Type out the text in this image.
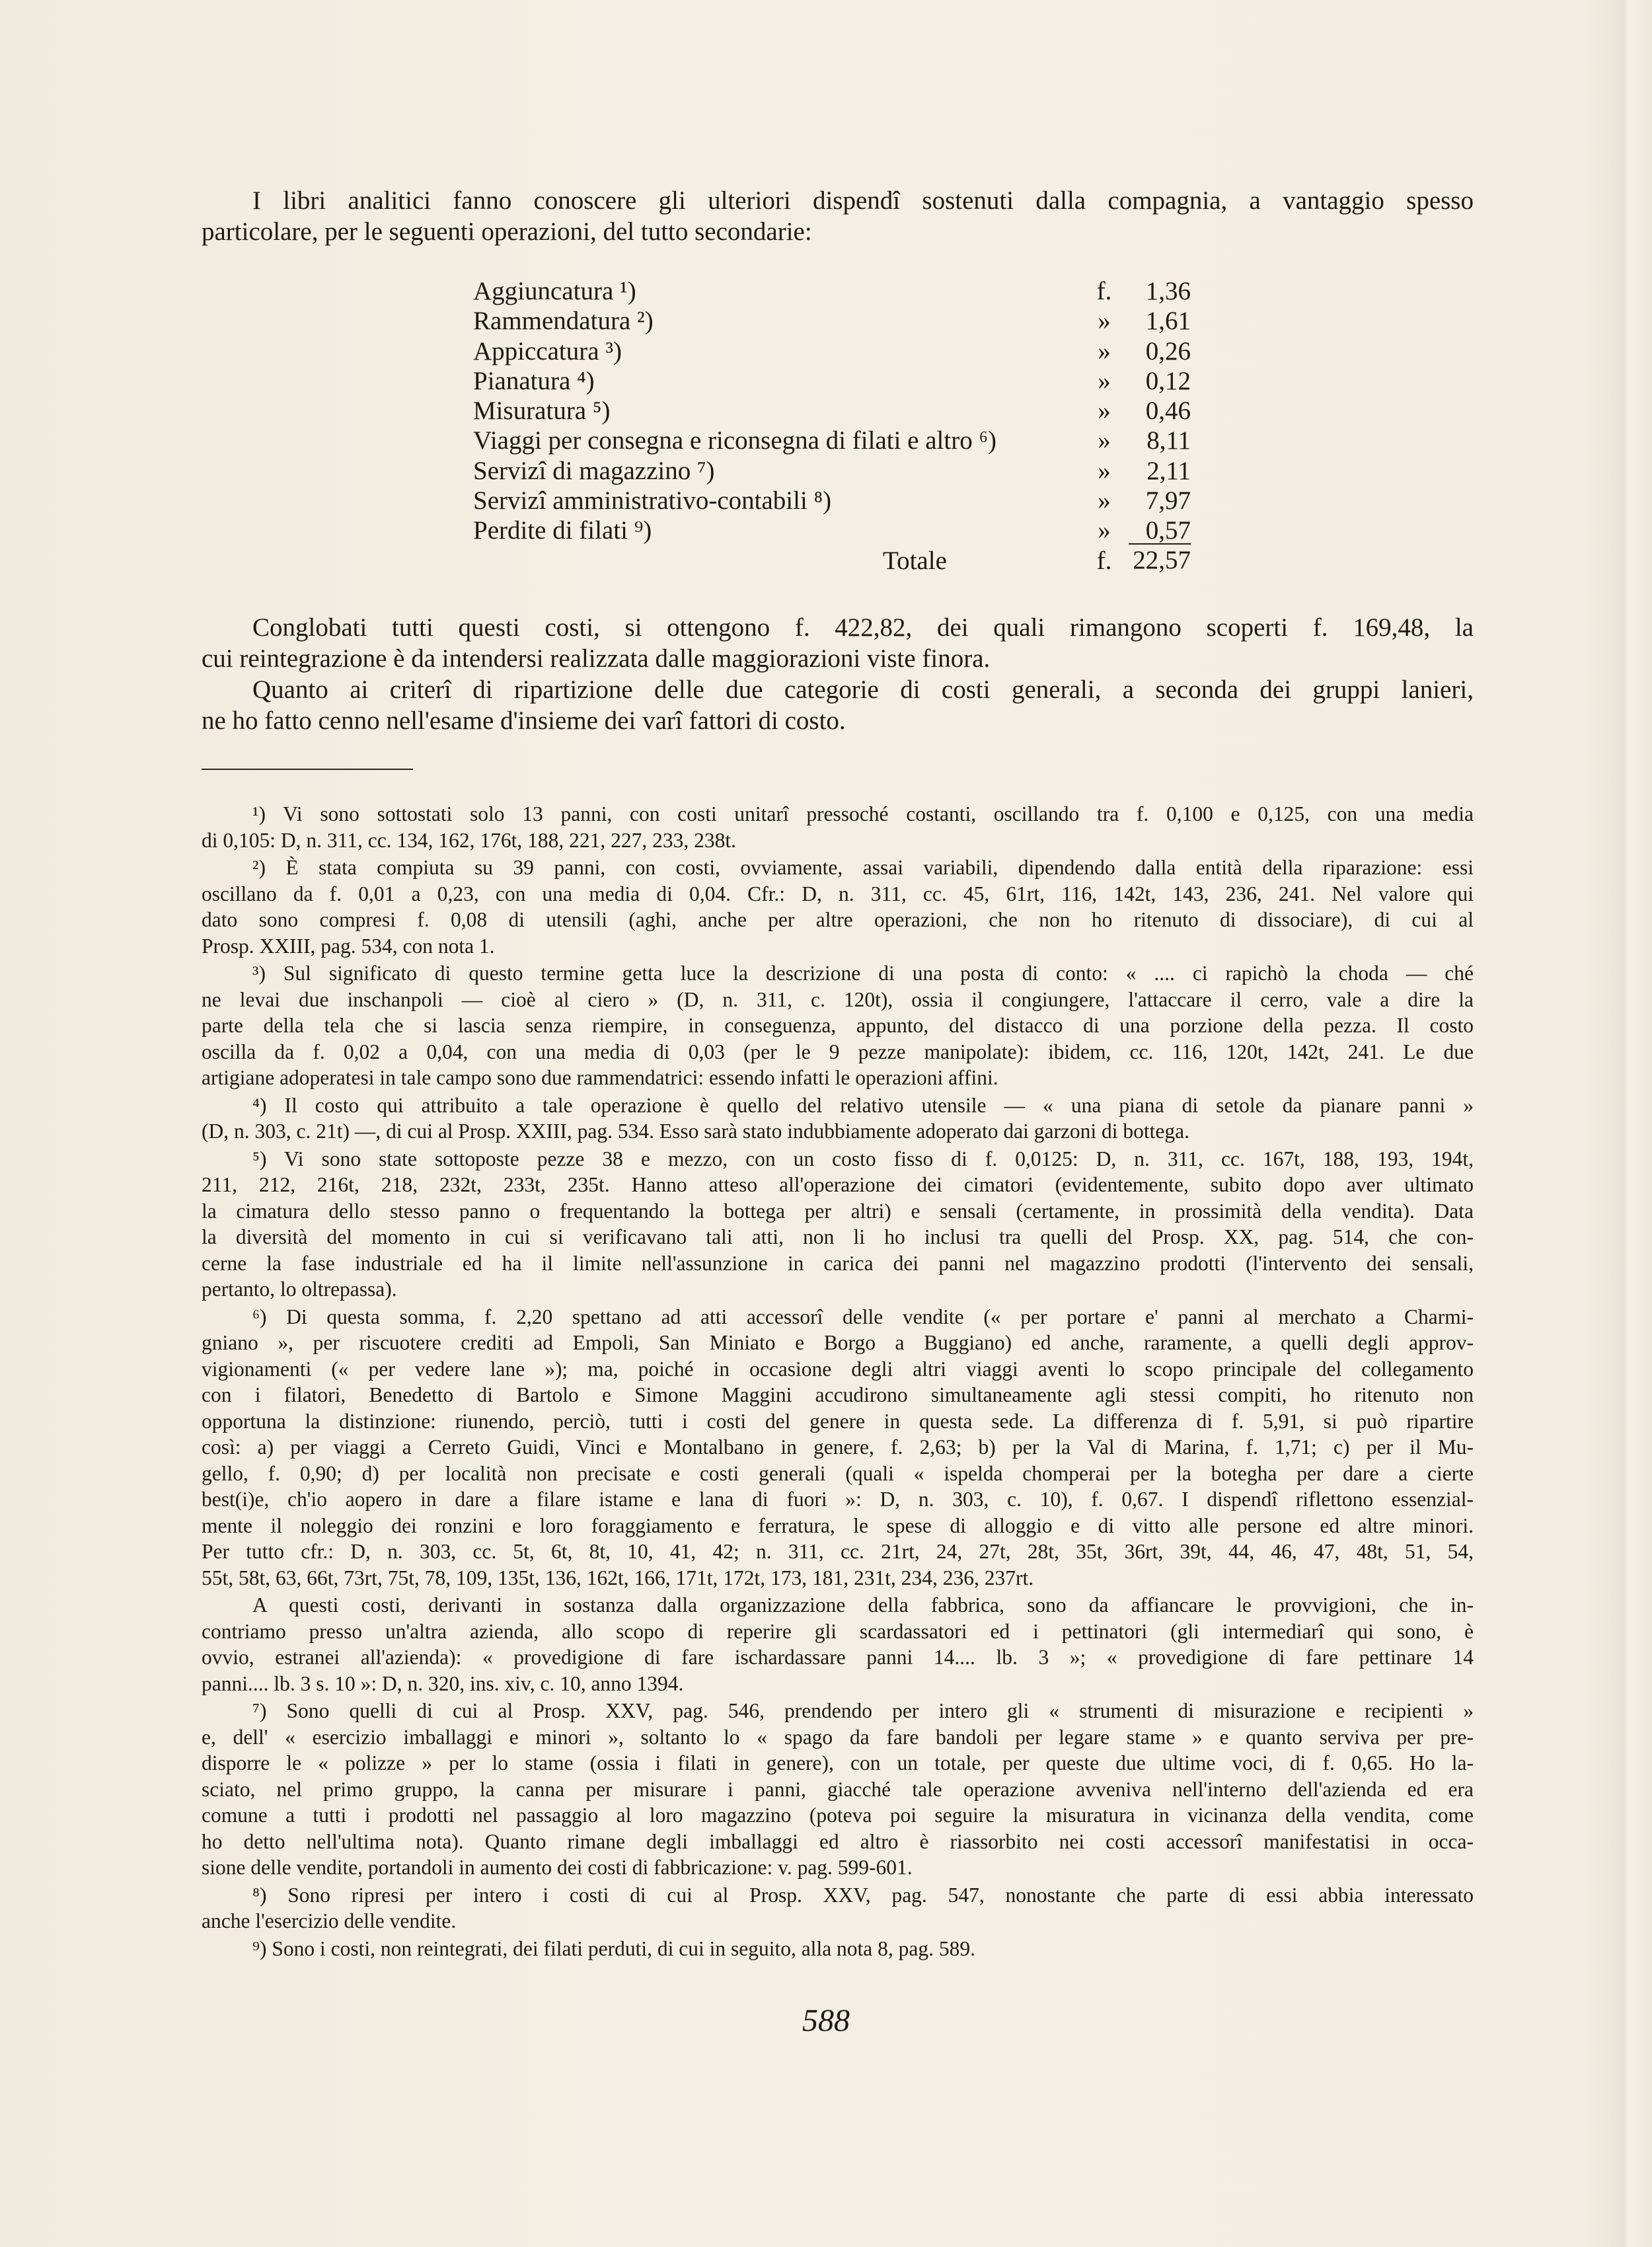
I libri analitici fanno conoscere gli ulteriori dispendî sostenuti dalla compagnia, a vantaggio spesso
particolare, per le seguenti operazioni, del tutto secondarie:
Aggiuncatura ¹)	f. 1,36
Rammendatura ²)	» 1,61
Appiccatura ³)	» 0,26
Pianatura ⁴)	» 0,12
Misuratura ⁵)	» 0,46
Viaggi per consegna e riconsegna di filati e altro ⁶)	» 8,11
Servizî di magazzino ⁷)	» 2,11
Servizî amministrativo-contabili ⁸)	» 7,97
Perdite di filati ⁹)	» 0,57
Totale	f. 22,57
Conglobati tutti questi costi, si ottengono f. 422,82, dei quali rimangono scoperti f. 169,48, la
cui reintegrazione è da intendersi realizzata dalle maggiorazioni viste finora.
Quanto ai criterî di ripartizione delle due categorie di costi generali, a seconda dei gruppi lanieri,
ne ho fatto cenno nell'esame d'insieme dei varî fattori di costo.
¹) Vi sono sottostati solo 13 panni, con costi unitarî pressoché costanti, oscillando tra f. 0,100 e 0,125, con una media
di 0,105: D, n. 311, cc. 134, 162, 176t, 188, 221, 227, 233, 238t.
²) È stata compiuta su 39 panni, con costi, ovviamente, assai variabili, dipendendo dalla entità della riparazione: essi
oscillano da f. 0,01 a 0,23, con una media di 0,04. Cfr.: D, n. 311, cc. 45, 61rt, 116, 142t, 143, 236, 241. Nel valore qui
dato sono compresi f. 0,08 di utensili (aghi, anche per altre operazioni, che non ho ritenuto di dissociare), di cui al
Prosp. XXIII, pag. 534, con nota 1.
³) Sul significato di questo termine getta luce la descrizione di una posta di conto: « .... ci rapichò la choda — ché
ne levai due inschanpoli — cioè al ciero » (D, n. 311, c. 120t), ossia il congiungere, l'attaccare il cerro, vale a dire la
parte della tela che si lascia senza riempire, in conseguenza, appunto, del distacco di una porzione della pezza. Il costo
oscilla da f. 0,02 a 0,04, con una media di 0,03 (per le 9 pezze manipolate): ibidem, cc. 116, 120t, 142t, 241. Le due
artigiane adoperatesi in tale campo sono due rammendatrici: essendo infatti le operazioni affini.
⁴) Il costo qui attribuito a tale operazione è quello del relativo utensile — « una piana di setole da pianare panni »
(D, n. 303, c. 21t) —, di cui al Prosp. XXIII, pag. 534. Esso sarà stato indubbiamente adoperato dai garzoni di bottega.
⁵) Vi sono state sottoposte pezze 38 e mezzo, con un costo fisso di f. 0,0125: D, n. 311, cc. 167t, 188, 193, 194t,
211, 212, 216t, 218, 232t, 233t, 235t. Hanno atteso all'operazione dei cimatori (evidentemente, subito dopo aver ultimato
la cimatura dello stesso panno o frequentando la bottega per altri) e sensali (certamente, in prossimità della vendita). Data
la diversità del momento in cui si verificavano tali atti, non li ho inclusi tra quelli del Prosp. XX, pag. 514, che con-
cerne la fase industriale ed ha il limite nell'assunzione in carica dei panni nel magazzino prodotti (l'intervento dei sensali,
pertanto, lo oltrepassa).
⁶) Di questa somma, f. 2,20 spettano ad atti accessorî delle vendite (« per portare e' panni al merchato a Charmi-
gniano », per riscuotere crediti ad Empoli, San Miniato e Borgo a Buggiano) ed anche, raramente, a quelli degli approv-
vigionamenti (« per vedere lane »); ma, poiché in occasione degli altri viaggi aventi lo scopo principale del collegamento
con i filatori, Benedetto di Bartolo e Simone Maggini accudirono simultaneamente agli stessi compiti, ho ritenuto non
opportuna la distinzione: riunendo, perciò, tutti i costi del genere in questa sede. La differenza di f. 5,91, si può ripartire
così: a) per viaggi a Cerreto Guidi, Vinci e Montalbano in genere, f. 2,63; b) per la Val di Marina, f. 1,71; c) per il Mu-
gello, f. 0,90; d) per località non precisate e costi generali (quali « ispelda chomperai per la botegha per dare a cierte
best(i)e, ch'io aopero in dare a filare istame e lana di fuori »: D, n. 303, c. 10), f. 0,67. I dispendî riflettono essenzial-
mente il noleggio dei ronzini e loro foraggiamento e ferratura, le spese di alloggio e di vitto alle persone ed altre minori.
Per tutto cfr.: D, n. 303, cc. 5t, 6t, 8t, 10, 41, 42; n. 311, cc. 21rt, 24, 27t, 28t, 35t, 36rt, 39t, 44, 46, 47, 48t, 51, 54,
55t, 58t, 63, 66t, 73rt, 75t, 78, 109, 135t, 136, 162t, 166, 171t, 172t, 173, 181, 231t, 234, 236, 237rt.
A questi costi, derivanti in sostanza dalla organizzazione della fabbrica, sono da affiancare le provvigioni, che in-
contriamo presso un'altra azienda, allo scopo di reperire gli scardassatori ed i pettinatori (gli intermediarî qui sono, è
ovvio, estranei all'azienda): « provedigione di fare ischardassare panni 14.... lb. 3 »; « provedigione di fare pettinare 14
panni.... lb. 3 s. 10 »: D, n. 320, ins. xiv, c. 10, anno 1394.
⁷) Sono quelli di cui al Prosp. XXV, pag. 546, prendendo per intero gli « strumenti di misurazione e recipienti »
e, dell' « esercizio imballaggi e minori », soltanto lo « spago da fare bandoli per legare stame » e quanto serviva per pre-
disporre le « polizze » per lo stame (ossia i filati in genere), con un totale, per queste due ultime voci, di f. 0,65. Ho la-
sciato, nel primo gruppo, la canna per misurare i panni, giacché tale operazione avveniva nell'interno dell'azienda ed era
comune a tutti i prodotti nel passaggio al loro magazzino (poteva poi seguire la misuratura in vicinanza della vendita, come
ho detto nell'ultima nota). Quanto rimane degli imballaggi ed altro è riassorbito nei costi accessorî manifestatisi in occa-
sione delle vendite, portandoli in aumento dei costi di fabbricazione: v. pag. 599-601.
⁸) Sono ripresi per intero i costi di cui al Prosp. XXV, pag. 547, nonostante che parte di essi abbia interessato
anche l'esercizio delle vendite.
⁹) Sono i costi, non reintegrati, dei filati perduti, di cui in seguito, alla nota 8, pag. 589.
588
